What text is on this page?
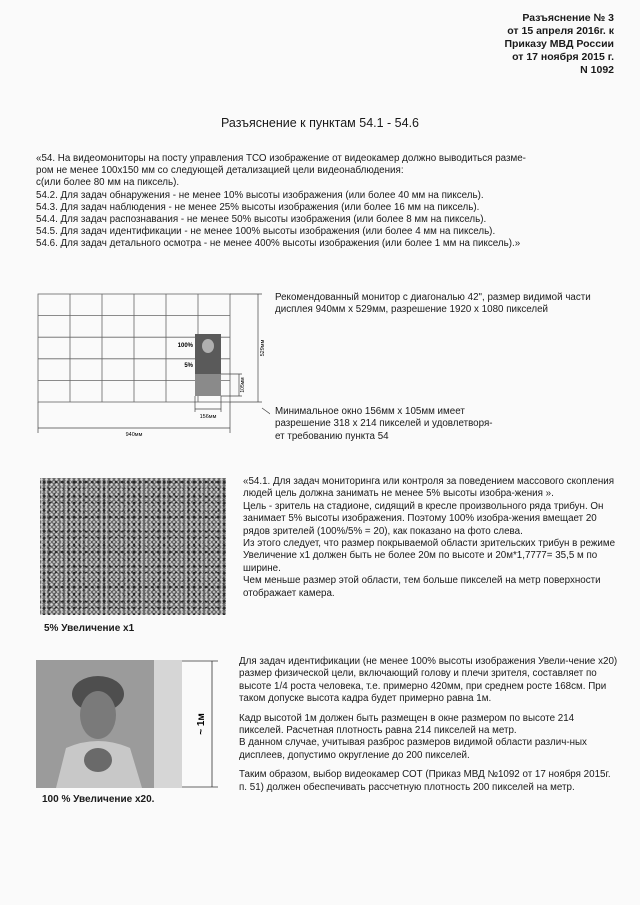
Разъяснение № 3
от 15 апреля 2016г. к
Приказу МВД России
от 17 ноября 2015 г.
N 1092
Разъяснение к пунктам 54.1 - 54.6
«54. На видеомониторы на посту управления ТСО изображение от видеокамер должно выводиться разме-
ром не менее 100х150 мм со следующей детализацией цели видеонаблюдения:
с(или более 80 мм на пиксель).
54.2. Для задач обнаружения - не менее 10% высоты изображения (или более 40 мм на пиксель).
54.3. Для задач наблюдения - не менее 25% высоты изображения (или более 16 мм на пиксель).
54.4. Для задач распознавания - не менее 50% высоты изображения (или более 8 мм на пиксель).
54.5. Для задач идентификации - не менее 100% высоты изображения (или более 4 мм на пиксель).
54.6. Для задач детального осмотра - не менее 400% высоты изображения (или более 1 мм на пиксель).»
100%
5%
529мм
105мм
156мм
940мм
Рекомендованный монитор с диагональю 42", размер видимой части дисплея 940мм х 529мм, разрешение 1920 х 1080 пикселей
Минимальное окно 156мм х 105мм имеет
разрешение 318 х 214 пикселей и удовлетворя-
ет требованию пункта 54
5% Увеличение х1

«54.1. Для задач мониторинга или контроля за поведением массового скопления людей цель должна занимать не менее 5% высоты изобра-жения ».

Цель - зритель на стадионе, сидящий в кресле произвольного ряда трибун. Он занимает 5% высоты изображения. Поэтому 100% изобра-жения вмещает 20 рядов зрителей (100%/5% = 20), как показано на фото слева.

Из этого следует, что размер покрываемой области зрительских трибун в режиме Увеличение х1 должен быть не более 20м по высоте и 20м*1,7777= 35,5 м по ширине.

Чем меньше размер этой области, тем больше пикселей на метр поверхности отображает камера.

~ 1м
100 % Увеличение х20.

Для задач идентификации (не менее 100% высоты изображения Увели-чение х20) размер физической цели, включающий голову и плечи зрителя, составляет по высоте 1/4 роста человека, т.е. примерно 420мм, при среднем росте 168см. При таком допуске высота кадра будет примерно равна 1м.

Кадр высотой 1м должен быть размещен в окне размером по высоте 214 пикселей. Расчетная плотность равна 214 пикселей на метр.

В данном случае, учитывая разброс размеров видимой области различ-ных дисплеев, допустимо округление до 200 пикселей.

Таким образом, выбор видеокамер СОТ (Приказ МВД №1092 от 17 ноября 2015г. п. 51) должен обеспечивать рассчетную плотность 200 пикселей на метр.
